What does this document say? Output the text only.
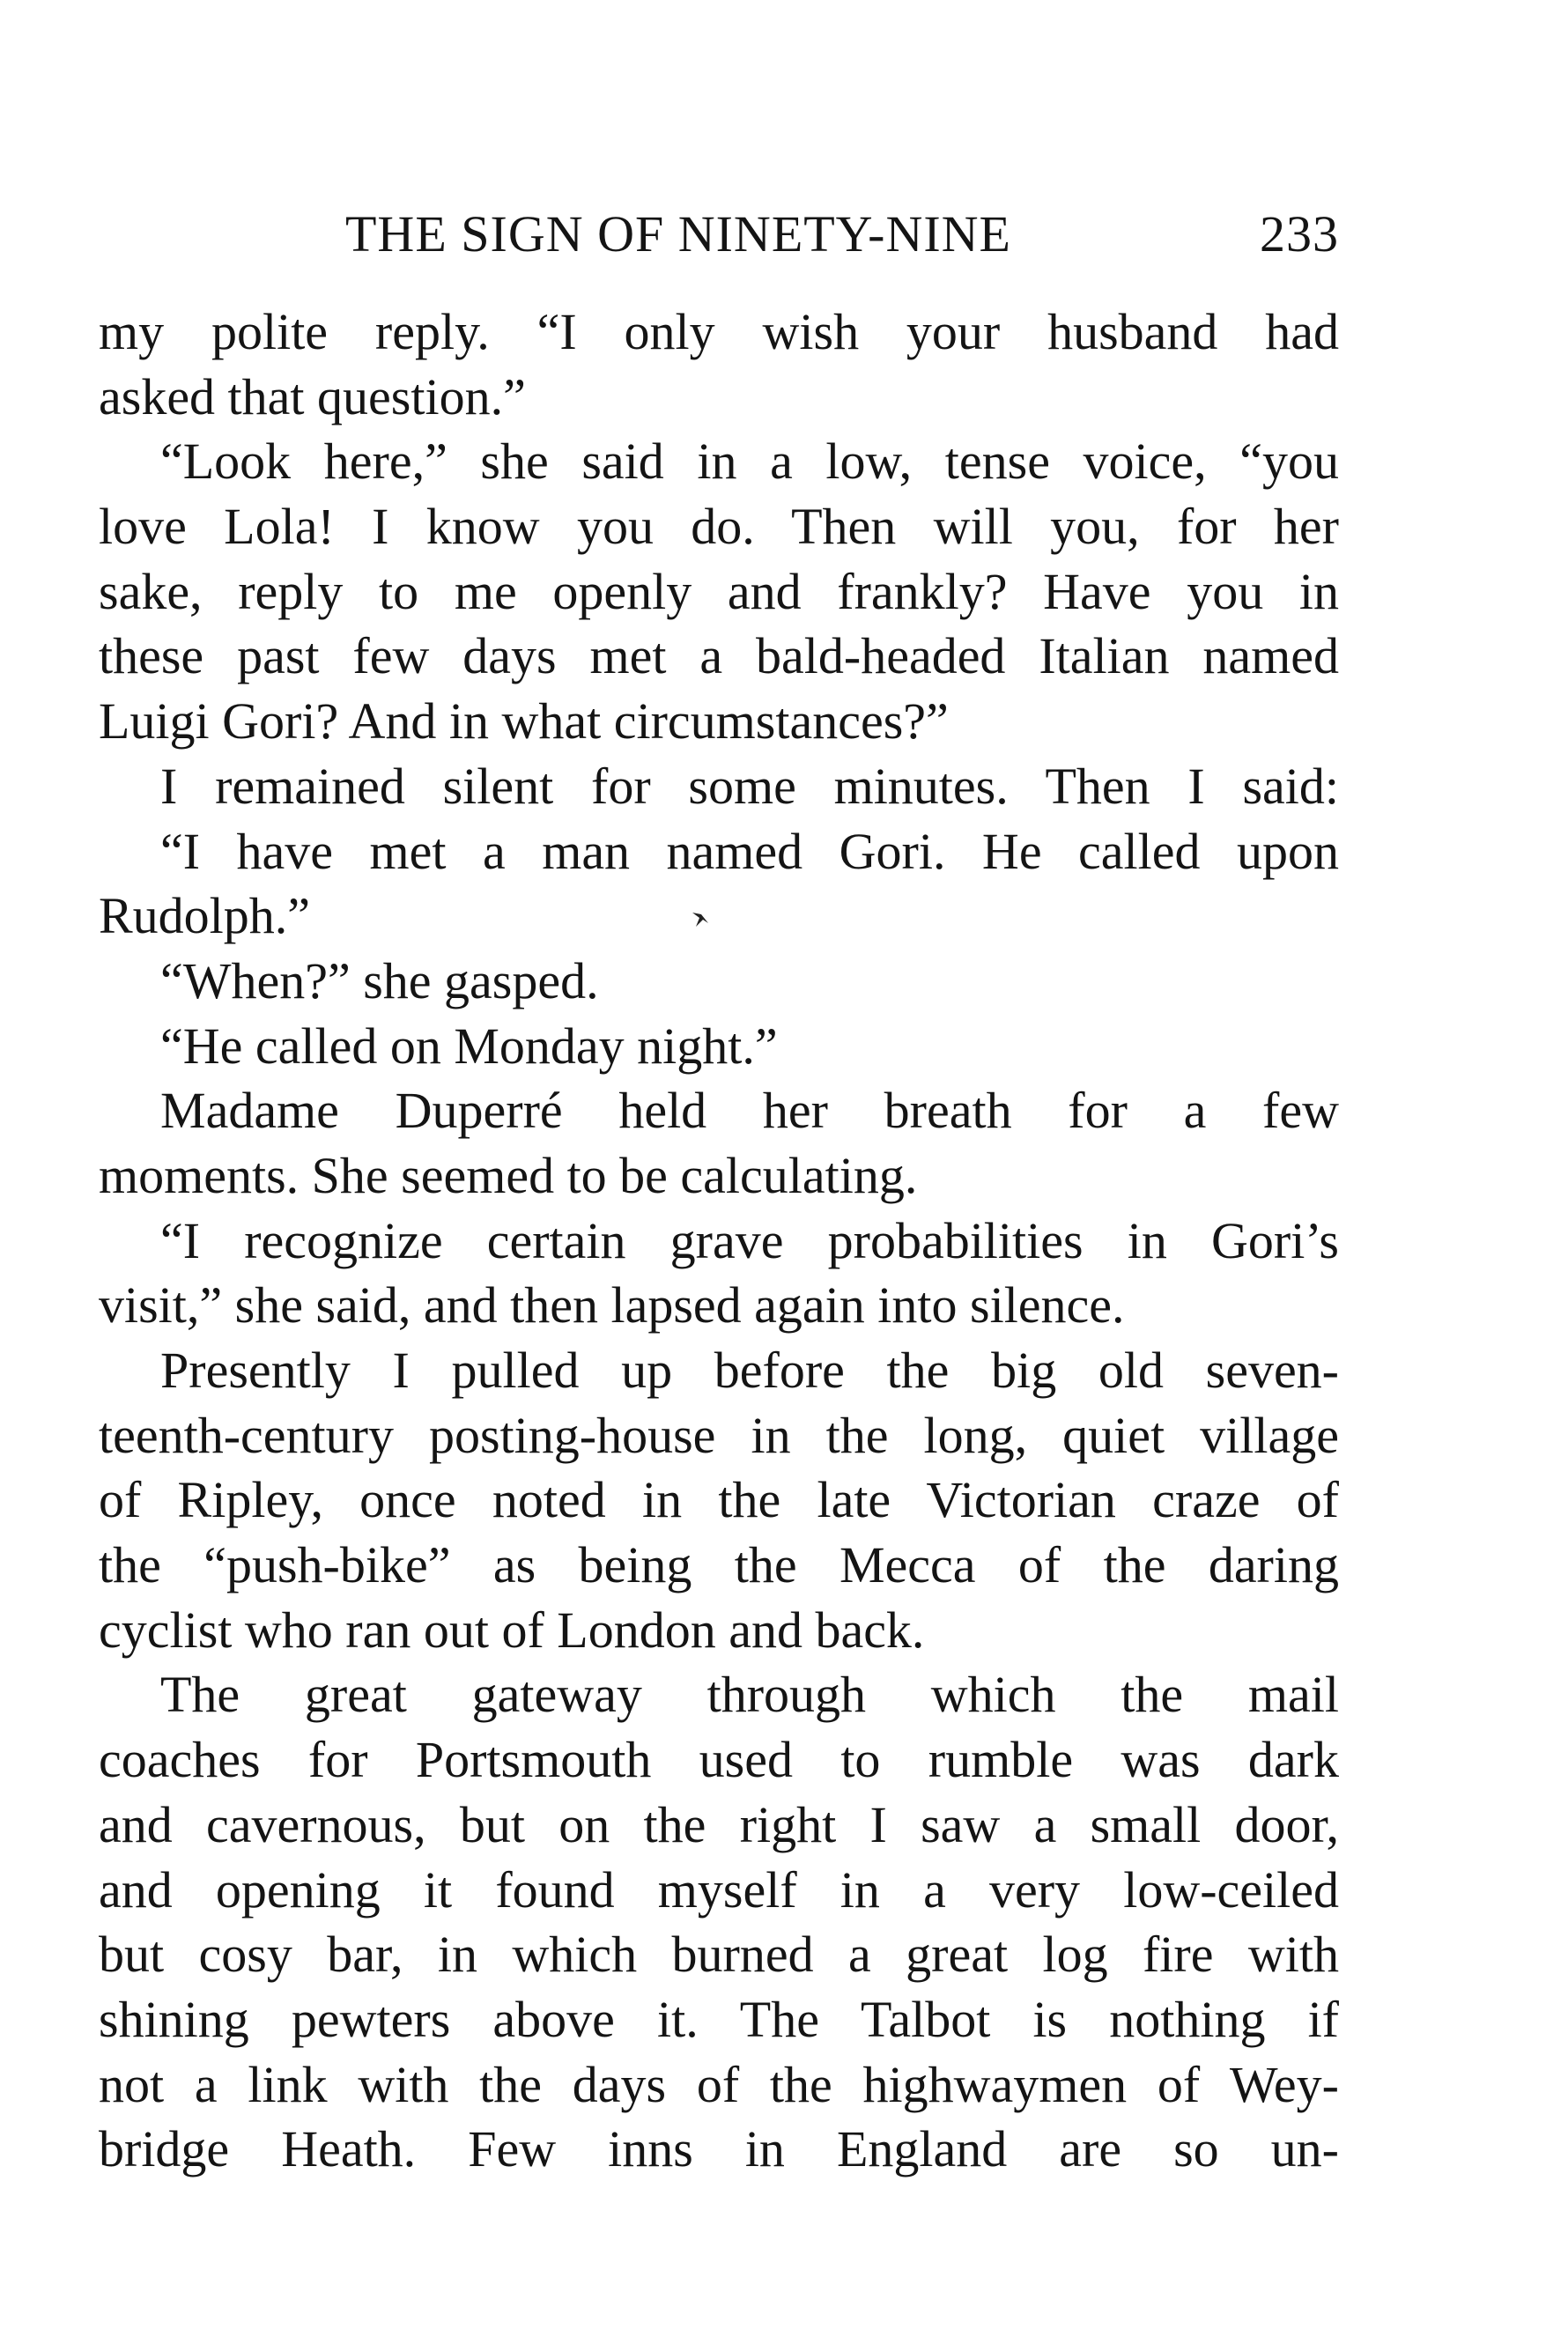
THE SIGN OF NINETY-NINE	233
my polite reply. “I only wish your husband had
asked that question.”
“Look here,” she said in a low, tense voice, “you
love Lola! I know you do. Then will you, for her
sake, reply to me openly and frankly? Have you in
these past few days met a bald-headed Italian named
Luigi Gori? And in what circumstances?”
I remained silent for some minutes. Then I said:
“I have met a man named Gori. He called upon
Rudolph.”
“When?” she gasped.
“He called on Monday night.”
Madame Duperré held her breath for a few
moments. She seemed to be calculating.
“I recognize certain grave probabilities in Gori’s
visit,” she said, and then lapsed again into silence.
Presently I pulled up before the big old seven-
teenth-century posting-house in the long, quiet village
of Ripley, once noted in the late Victorian craze of
the “push-bike” as being the Mecca of the daring
cyclist who ran out of London and back.
The great gateway through which the mail
coaches for Portsmouth used to rumble was dark
and cavernous, but on the right I saw a small door,
and opening it found myself in a very low-ceiled
but cosy bar, in which burned a great log fire with
shining pewters above it. The Talbot is nothing if
not a link with the days of the highwaymen of Wey-
bridge Heath. Few inns in England are so un-
